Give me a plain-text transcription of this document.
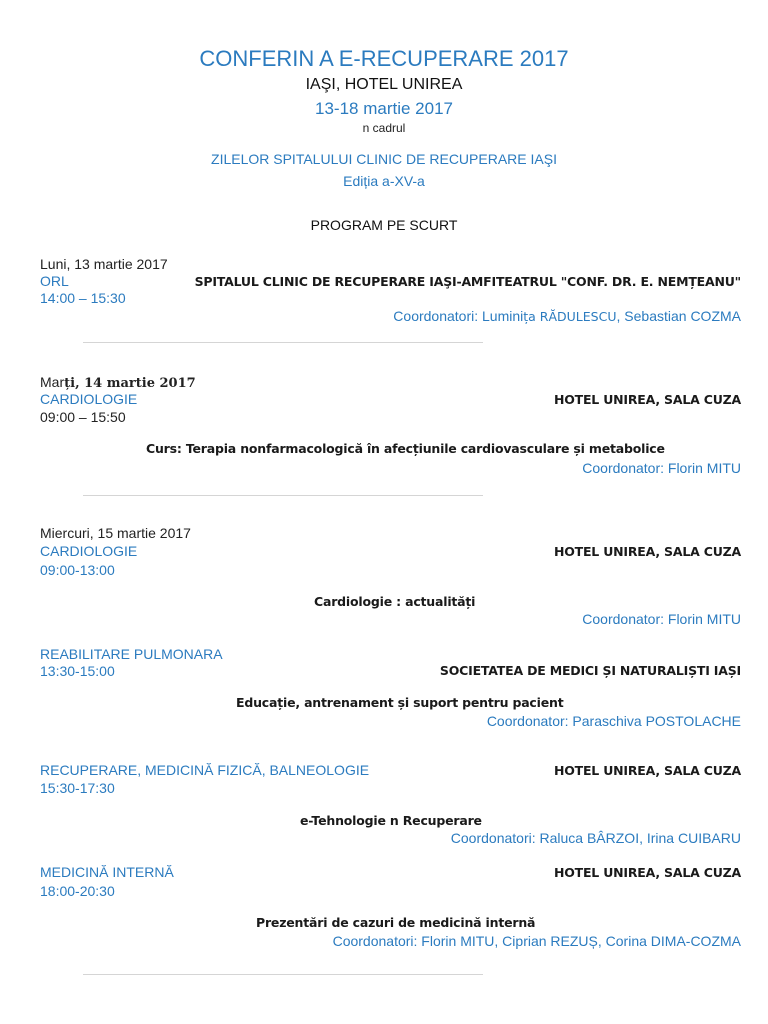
CONFERIN A E-RECUPERARE 2017
IAŞI, HOTEL UNIREA
13-18 martie 2017
n cadrul
ZILELOR SPITALULUI CLINIC DE RECUPERARE IAŞI
Ediția a-XV-a
PROGRAM PE SCURT
Luni, 13 martie 2017
ORL
14:00 – 15:30
SPITALUL CLINIC DE RECUPERARE IAŞI-AMFITEATRUL "CONF. DR. E. NEMȚEANU"
Coordonatori: Luminița RĂDULESCU, Sebastian COZMA
Marți, 14 martie 2017
CARDIOLOGIE
09:00 – 15:50
HOTEL UNIREA, SALA CUZA
Curs: Terapia nonfarmacologică în afecțiunile cardiovasculare și metabolice
Coordonator: Florin MITU
Miercuri, 15 martie 2017
CARDIOLOGIE
09:00-13:00
HOTEL UNIREA, SALA CUZA
Cardiologie : actualități
Coordonator: Florin MITU
REABILITARE PULMONARA
13:30-15:00	SOCIETATEA DE MEDICI ȘI NATURALIȘTI IAȘI
Educație, antrenament și suport pentru pacient
Coordonator: Paraschiva POSTOLACHE
RECUPERARE, MEDICINĂ FIZICĂ, BALNEOLOGIE
15:30-17:30
HOTEL UNIREA, SALA CUZA
e-Tehnologie n Recuperare
Coordonatori: Raluca BÂRZOI, Irina CUIBARU
MEDICINĂ INTERNĂ
18:00-20:30
HOTEL UNIREA, SALA CUZA
Prezentări de cazuri de medicină internă
Coordonatori: Florin MITU, Ciprian REZUȘ, Corina DIMA-COZMA
